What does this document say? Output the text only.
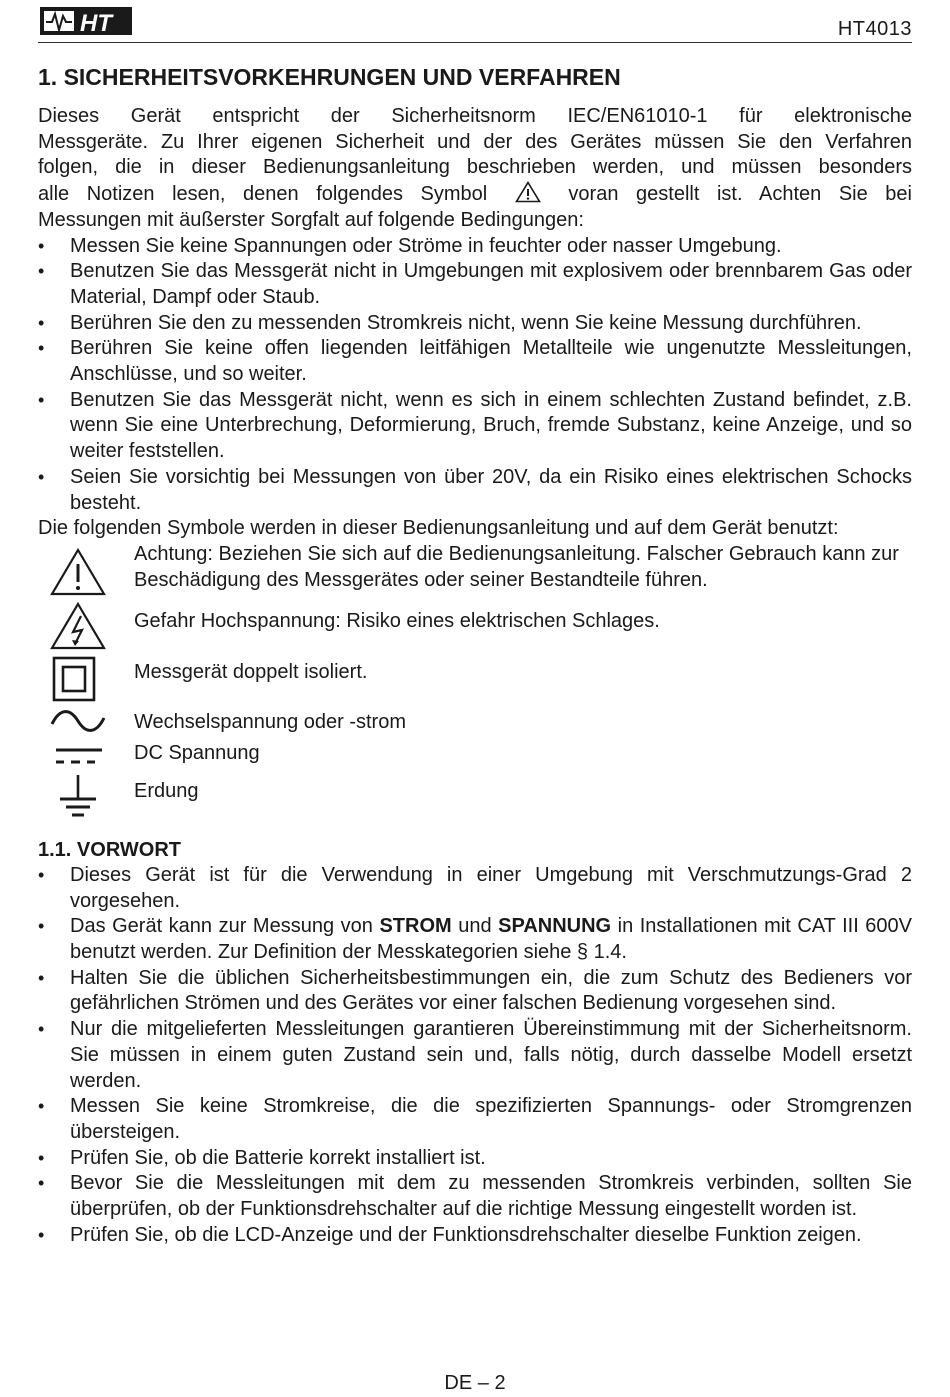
HT	HT4013
1. SICHERHEITSVORKEHRUNGEN UND VERFAHREN

Dieses Gerät entspricht der Sicherheitsnorm IEC/EN61010-1 für elektronische

Messgeräte. Zu Ihrer eigenen Sicherheit und der des Gerätes müssen Sie den Verfahren

folgen, die in dieser Bedienungsanleitung beschrieben werden, und müssen besonders

alle Notizen lesen, denen folgendes Symbol	voran gestellt ist. Achten Sie bei

Messungen mit äußerster Sorgfalt auf folgende Bedingungen:

• Messen Sie keine Spannungen oder Ströme in feuchter oder nasser Umgebung.
• Benutzen Sie das Messgerät nicht in Umgebungen mit explosivem oder brennbarem Gas oder Material, Dampf oder Staub.
• Berühren Sie den zu messenden Stromkreis nicht, wenn Sie keine Messung durchführen.
• Berühren Sie keine offen liegenden leitfähigen Metallteile wie ungenutzte Messleitungen, Anschlüsse, und so weiter.
• Benutzen Sie das Messgerät nicht, wenn es sich in einem schlechten Zustand befindet, z.B. wenn Sie eine Unterbrechung, Deformierung, Bruch, fremde Substanz, keine Anzeige, und so weiter feststellen.
• Seien Sie vorsichtig bei Messungen von über 20V, da ein Risiko eines elektrischen Schocks besteht.

Die folgenden Symbole werden in dieser Bedienungsanleitung und auf dem Gerät benutzt:

Achtung: Beziehen Sie sich auf die Bedienungsanleitung. Falscher Gebrauch kann zur Beschädigung des Messgerätes oder seiner Bestandteile führen.
Gefahr Hochspannung: Risiko eines elektrischen Schlages.
Messgerät doppelt isoliert.
Wechselspannung oder -strom
DC Spannung
Erdung
1.1. VORWORT
• Dieses Gerät ist für die Verwendung in einer Umgebung mit Verschmutzungs-Grad 2 vorgesehen.
• Das Gerät kann zur Messung von STROM und SPANNUNG in Installationen mit CAT III 600V benutzt werden. Zur Definition der Messkategorien siehe § 1.4.
• Halten Sie die üblichen Sicherheitsbestimmungen ein, die zum Schutz des Bedieners vor gefährlichen Strömen und des Gerätes vor einer falschen Bedienung vorgesehen sind.
• Nur die mitgelieferten Messleitungen garantieren Übereinstimmung mit der Sicherheitsnorm. Sie müssen in einem guten Zustand sein und, falls nötig, durch dasselbe Modell ersetzt werden.
• Messen Sie keine Stromkreise, die die spezifizierten Spannungs- oder Stromgrenzen übersteigen.
• Prüfen Sie, ob die Batterie korrekt installiert ist.
• Bevor Sie die Messleitungen mit dem zu messenden Stromkreis verbinden, sollten Sie überprüfen, ob der Funktionsdrehschalter auf die richtige Messung eingestellt worden ist.
• Prüfen Sie, ob die LCD-Anzeige und der Funktionsdrehschalter dieselbe Funktion zeigen.
DE – 2
